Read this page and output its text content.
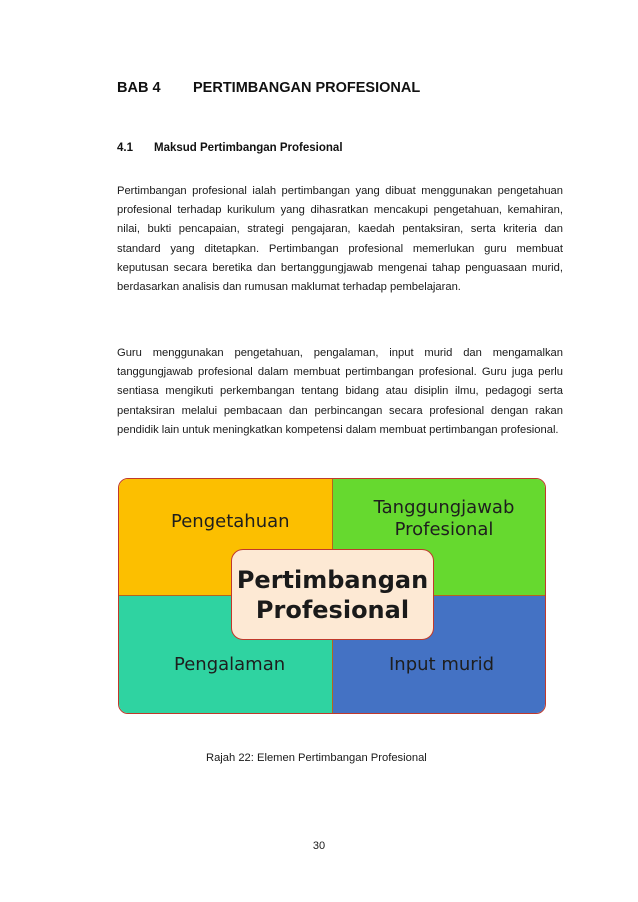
BAB 4 PERTIMBANGAN PROFESIONAL
4.1 Maksud Pertimbangan Profesional

Pertimbangan profesional ialah pertimbangan yang dibuat menggunakan pengetahuan profesional terhadap kurikulum yang dihasratkan mencakupi pengetahuan, kemahiran, nilai, bukti pencapaian, strategi pengajaran, kaedah pentaksiran, serta kriteria dan standard yang ditetapkan. Pertimbangan profesional memerlukan guru membuat keputusan secara beretika dan bertanggungjawab mengenai tahap penguasaan murid, berdasarkan analisis dan rumusan maklumat terhadap pembelajaran.

Guru menggunakan pengetahuan, pengalaman, input murid dan mengamalkan tanggungjawab profesional dalam membuat pertimbangan profesional. Guru juga perlu sentiasa mengikuti perkembangan tentang bidang atau disiplin ilmu, pedagogi serta pentaksiran melalui pembacaan dan perbincangan secara profesional dengan rakan pendidik lain untuk meningkatkan kompetensi dalam membuat pertimbangan profesional.

Pengetahuan
Tanggungjawab
Profesional
Pengalaman	Input murid
Pertimbangan
Profesional
Rajah 22: Elemen Pertimbangan Profesional
30
